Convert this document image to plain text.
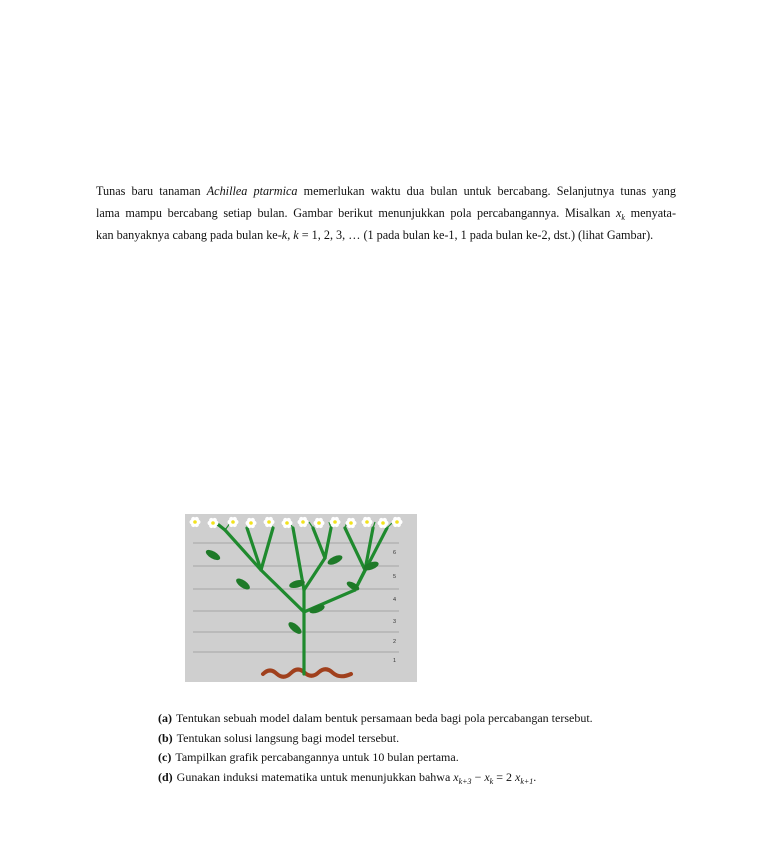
Tunas baru tanaman Achillea ptarmica memerlukan waktu dua bulan untuk bercabang. Selanjutnya tunas yang
lama mampu bercabang setiap bulan. Gambar berikut menunjukkan pola percabangannya. Misalkan $x_k$ menyata-
kan banyaknya cabang pada bulan ke-k, k = 1, 2, 3, … (1 pada bulan ke-1, 1 pada bulan ke-2, dst.) (lihat Gambar).
6
5
4
3
2
1
(a) Tentukan sebuah model dalam bentuk persamaan beda bagi pola percabangan tersebut.
(b) Tentukan solusi langsung bagi model tersebut.
(c) Tampilkan grafik percabangannya untuk 10 bulan pertama.
(d) Gunakan induksi matematika untuk menunjukkan bahwa $x_{k+3} - x_k = 2$ $x_{k+1}$.
